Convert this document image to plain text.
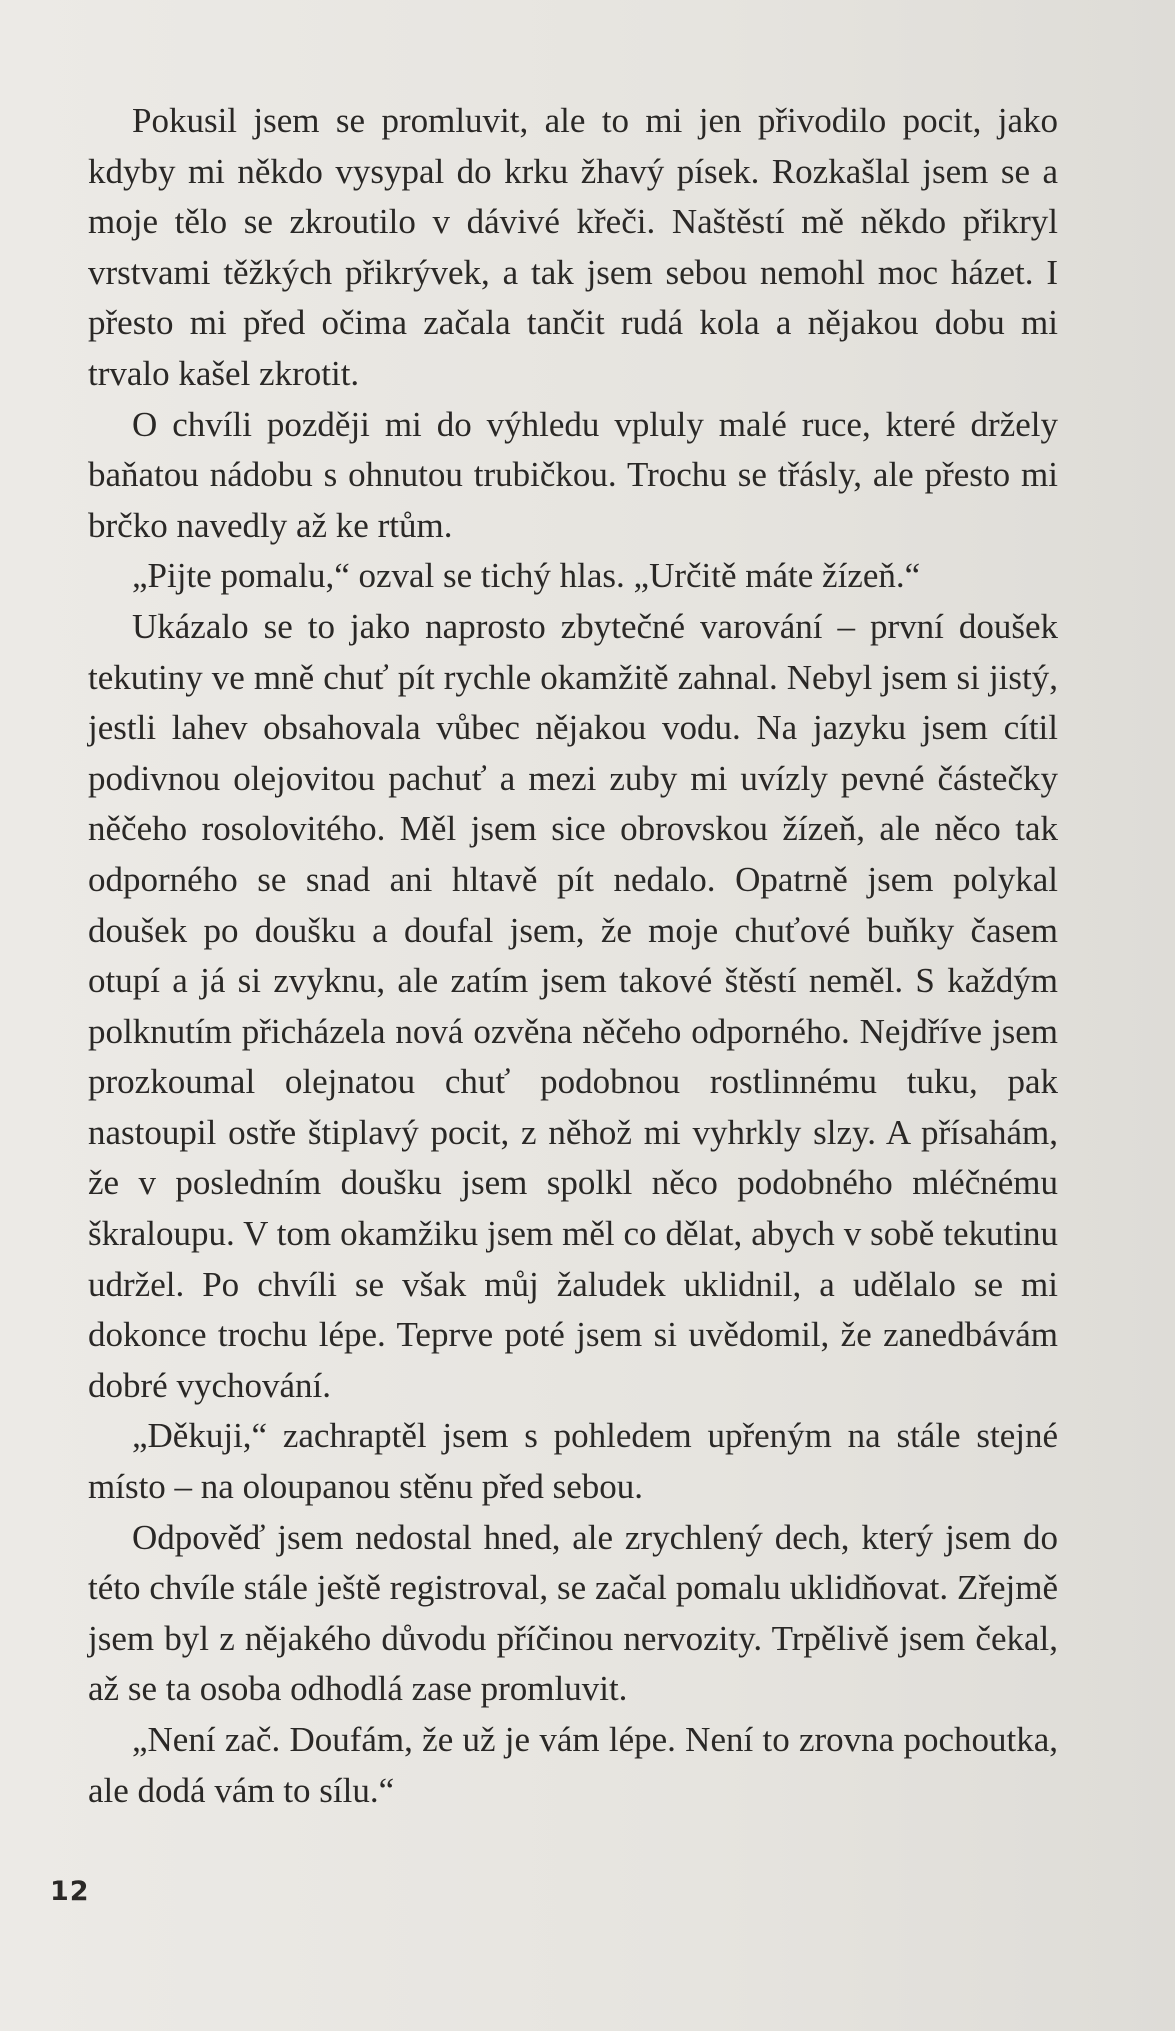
Pokusil jsem se promluvit, ale to mi jen přivodilo pocit, jako kdyby mi někdo vysypal do krku žhavý písek. Rozkašlal jsem se a moje tělo se zkroutilo v dávivé křeči. Naštěstí mě někdo přikryl vrstvami těžkých přikrývek, a tak jsem sebou nemohl moc házet. I přesto mi před očima začala tančit rudá kola a nějakou dobu mi trvalo kašel zkrotit.

O chvíli později mi do výhledu vpluly malé ruce, které držely baňatou nádobu s ohnutou trubičkou. Trochu se třásly, ale přesto mi brčko navedly až ke rtům.

„Pijte pomalu,“ ozval se tichý hlas. „Určitě máte žízeň.“

Ukázalo se to jako naprosto zbytečné varování – první doušek tekutiny ve mně chuť pít rychle okamžitě zahnal. Nebyl jsem si jistý, jestli lahev obsahovala vůbec nějakou vodu. Na jazyku jsem cítil podivnou olejovitou pachuť a mezi zuby mi uvízly pevné částečky něčeho rosolovitého. Měl jsem sice obrovskou žízeň, ale něco tak odporného se snad ani hltavě pít nedalo. Opatrně jsem polykal doušek po doušku a doufal jsem, že moje chuťové buňky časem otupí a já si zvyknu, ale zatím jsem takové štěstí neměl. S každým polknutím přicházela nová ozvěna něčeho odporného. Nejdříve jsem prozkoumal olejnatou chuť podobnou rostlinnému tuku, pak nastoupil ostře štiplavý pocit, z něhož mi vyhrkly slzy. A přísahám, že v posledním doušku jsem spolkl něco podobného mléčnému škraloupu. V tom okamžiku jsem měl co dělat, abych v sobě tekutinu udržel. Po chvíli se však můj žaludek uklidnil, a udělalo se mi dokonce trochu lépe. Teprve poté jsem si uvědomil, že zanedbávám dobré vychování.

„Děkuji,“ zachraptěl jsem s pohledem upřeným na stále stejné místo – na oloupanou stěnu před sebou.

Odpověď jsem nedostal hned, ale zrychlený dech, který jsem do této chvíle stále ještě registroval, se začal pomalu uklidňovat. Zřejmě jsem byl z nějakého důvodu příčinou nervozity. Trpělivě jsem čekal, až se ta osoba odhodlá zase promluvit.

„Není zač. Doufám, že už je vám lépe. Není to zrovna pochoutka, ale dodá vám to sílu.“

12
